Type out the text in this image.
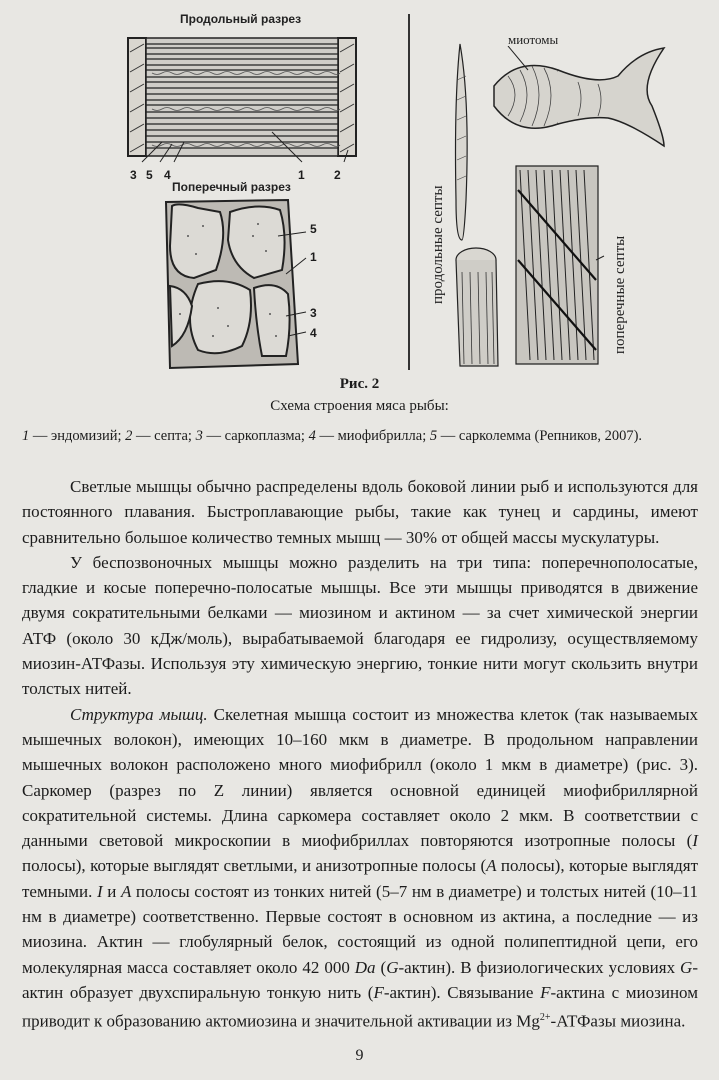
Продольный разрез
3 5 4	1 2
Поперечный разрез
5
1
3
4
миотомы
продольные септы	поперечные септы
Рис. 2
Схема строения мяса рыбы:
1 — эндомизий; 2 — септа; 3 — саркоплазма; 4 — миофибрилла; 5 — сарколемма (Репников, 2007).

Светлые мышцы обычно распределены вдоль боковой линии рыб и используются для постоянного плавания. Быстроплавающие рыбы, такие как тунец и сардины, имеют сравнительно большое количество темных мышц — 30% от общей массы мускулатуры.

У беспозвоночных мышцы можно разделить на три типа: поперечнополосатые, гладкие и косые поперечно-полосатые мышцы. Все эти мышцы приводятся в движение двумя сократительными белками — миозином и актином — за счет химической энергии АТФ (около 30 кДж/моль), вырабатываемой благодаря ее гидролизу, осуществляемому миозин-АТФазы. Используя эту химическую энергию, тонкие нити могут скользить внутри толстых нитей.

Структура мышц. Скелетная мышца состоит из множества клеток (так называемых мышечных волокон), имеющих 10–160 мкм в диаметре. В продольном направлении мышечных волокон расположено много миофибрилл (около 1 мкм в диаметре) (рис. 3). Саркомер (разрез по Z линии) является основной единицей миофибриллярной сократительной системы. Длина саркомера составляет около 2 мкм. В соответствии с данными световой микроскопии в миофибриллах повторяются изотропные полосы (I полосы), которые выглядят светлыми, и анизотропные полосы (A полосы), которые выглядят темными. I и A полосы состоят из тонких нитей (5–7 нм в диаметре) и толстых нитей (10–11 нм в диаметре) соответственно. Первые состоят в основном из актина, а последние — из миозина. Актин — глобулярный белок, состоящий из одной полипептидной цепи, его молекулярная масса составляет около 42 000 Da (G-актин). В физиологических условиях G-актин образует двухспиральную тонкую нить (F-актин). Связывание F-актина с миозином приводит к образованию актомиозина и значительной активации из $Mg^{2+}$-АТФазы миозина.

9
